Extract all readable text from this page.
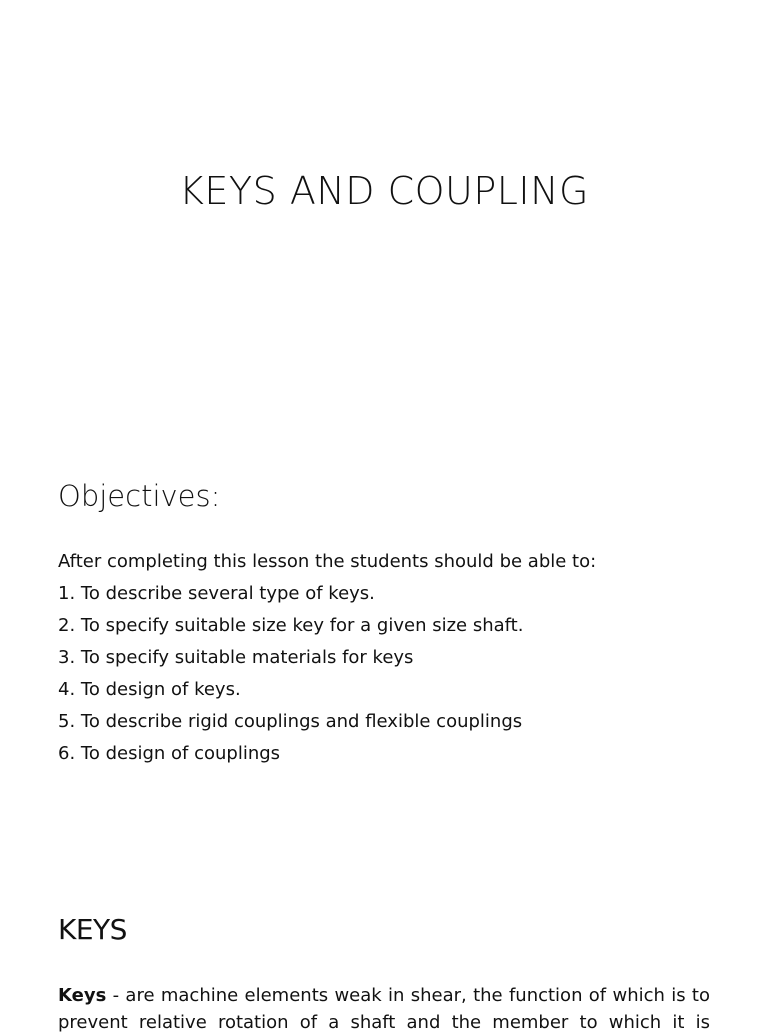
KEYS AND COUPLING
Objectives:
After completing this lesson the students should be able to:
1. To describe several type of keys.
2. To specify suitable size key for a given size shaft.
3. To specify suitable materials for keys
4. To design of keys.
5. To describe rigid couplings and flexible couplings
6. To design of couplings
KEYS

Keys - are machine elements weak in shear, the function of which is to prevent relative rotation of a shaft and the member to which it is
